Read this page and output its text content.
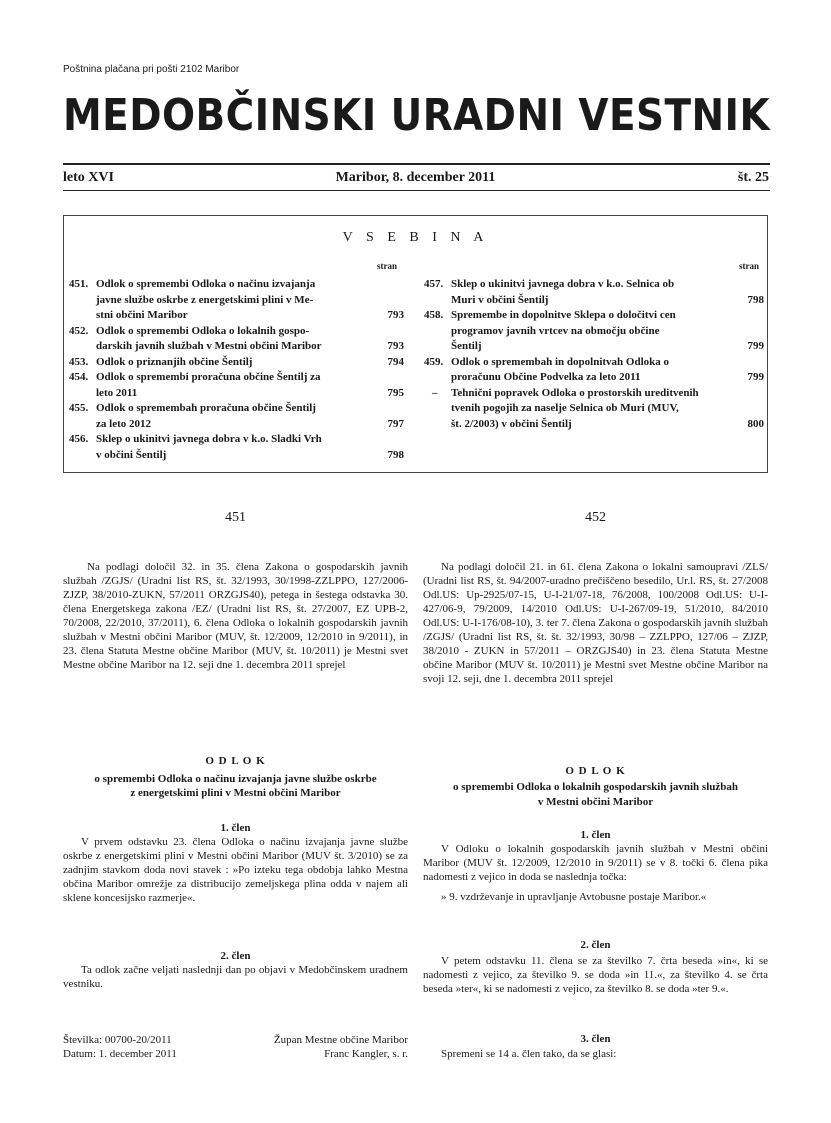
Poštnina plačana pri pošti 2102 Maribor
MEDOBČINSKI URADNI VESTNIK
leto XVI	Maribor, 8. december 2011	št. 25
V S E B I N A
stran	stran
451. Odlok o spremembi Odloka o načinu izvajanja
javne službe oskrbe z energetskimi plini v Me-
stni občini Maribor	793
452. Odlok o spremembi Odloka o lokalnih gospo-
darskih javnih službah v Mestni občini Maribor	793
453. Odlok o priznanjih občine Šentilj	794
454. Odlok o spremembi proračuna občine Šentilj za
leto 2011	795
455. Odlok o spremembah proračuna občine Šentilj
za leto 2012	797
456. Sklep o ukinitvi javnega dobra v k.o. Sladki Vrh
v občini Šentilj	798
457. Sklep o ukinitvi javnega dobra v k.o. Selnica ob
Muri v občini Šentilj	798
458. Spremembe in dopolnitve Sklepa o določitvi cen
programov javnih vrtcev na območju občine
Šentilj	799
459. Odlok o spremembah in dopolnitvah Odloka o
proračunu Občine Podvelka za leto 2011	799
– Tehnični popravek Odloka o prostorskih ureditvenih
tvenih pogojih za naselje Selnica ob Muri (MUV,
št. 2/2003) v občini Šentilj	800
451	452
Na podlagi določil 32. in 35. člena Zakona o gospodarskih javnih službah /ZGJS/ (Uradni list RS, št. 32/1993, 30/1998-ZZLPPO, 127/2006-ZJZP, 38/2010-ZUKN, 57/2011 ORZGJS40), petega in šestega odstavka 30. člena Energetskega zakona /EZ/ (Uradni list RS, št. 27/2007, EZ UPB-2, 70/2008, 22/2010, 37/2011), 6. člena Odloka o lokalnih gospodarskih javnih službah v Mestni občini Maribor (MUV, št. 12/2009, 12/2010 in 9/2011), in 23. člena Statuta Mestne občine Maribor (MUV, št. 10/2011) je Mestni svet Mestne občine Maribor na 12. seji dne 1. decembra 2011 sprejel
O D L O K
o spremembi Odloka o načinu izvajanja javne službe oskrbe
z energetskimi plini v Mestni občini Maribor
1. člen
V prvem odstavku 23. člena Odloka o načinu izvajanja javne službe oskrbe z energetskimi plini v Mestni občini Maribor (MUV št. 3/2010) se za zadnjim stavkom doda novi stavek : »Po izteku tega obdobja lahko Mestna občina Maribor omrežje za distribucijo zemeljskega plina odda v najem ali sklene koncesijsko razmerje«.
2. člen
Ta odlok začne veljati naslednji dan po objavi v Medobčinskem uradnem vestniku.
Številka: 00700-20/2011
Datum: 1. december 2011
Župan Mestne občine Maribor
Franc Kangler, s. r.
Na podlagi določil 21. in 61. člena Zakona o lokalni samoupravi /ZLS/ (Uradni list RS, št. 94/2007-uradno prečiščeno besedilo, Ur.l. RS, št. 27/2008 Odl.US: Up-2925/07-15, U-I-21/07-18, 76/2008, 100/2008 Odl.US: U-I-427/06-9, 79/2009, 14/2010 Odl.US: U-I-267/09-19, 51/2010, 84/2010 Odl.US: U-I-176/08-10), 3. ter 7. člena Zakona o gospodarskih javnih službah /ZGJS/ (Uradni list RS, št. št. 32/1993, 30/98 – ZZLPPO, 127/06 – ZJZP, 38/2010 - ZUKN in 57/2011 – ORZGJS40) in 23. člena Statuta Mestne občine Maribor (MUV št. 10/2011) je Mestni svet Mestne občine Maribor na svoji 12. seji, dne 1. decembra 2011 sprejel
O D L O K
o spremembi Odloka o lokalnih gospodarskih javnih službah
v Mestni občini Maribor
1. člen
V Odloku o lokalnih gospodarskih javnih službah v Mestni občini Maribor (MUV št. 12/2009, 12/2010 in 9/2011) se v 8. točki 6. člena pika nadomesti z vejico in doda se naslednja točka:
» 9. vzdrževanje in upravljanje Avtobusne postaje Maribor.«
2. člen
V petem odstavku 11. člena se za številko 7. črta beseda »in«, ki se nadomesti z vejico, za številko 9. se doda »in 11.«, za številko 4. se črta beseda »ter«, ki se nadomesti z vejico, za številko 8. se doda »ter 9.«.
3. člen
Spremeni se 14 a. člen tako, da se glasi:
